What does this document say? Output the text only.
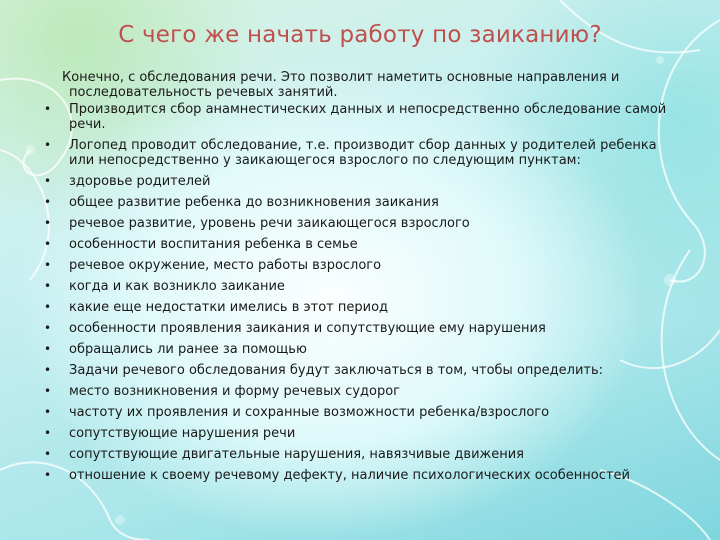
С чего же начать работу по заиканию?

Конечно, с обследования речи. Это позволит наметить основные направления и последовательность речевых занятий.

•	Производится сбор анамнестических данных и непосредственно обследование самой речи.
•	Логопед проводит обследование, т.е. производит сбор данных у родителей ребенка или непосредственно у заикающегося взрослого по следующим пунктам:
•	здоровье родителей
•	общее развитие ребенка до возникновения заикания
•	речевое развитие, уровень речи заикающегося взрослого
•	особенности воспитания ребенка в семье
•	речевое окружение, место работы взрослого
•	когда и как возникло заикание
•	какие еще недостатки имелись в этот период
•	особенности проявления заикания и сопутствующие ему нарушения
•	обращались ли ранее за помощью
•	Задачи речевого обследования будут заключаться в том, чтобы определить:
•	место возникновения и форму речевых судорог
•	частоту их проявления и сохранные возможности ребенка/взрослого
•	сопутствующие нарушения речи
•	сопутствующие двигательные нарушения, навязчивые движения
•	отношение к своему речевому дефекту, наличие психологических особенностей
